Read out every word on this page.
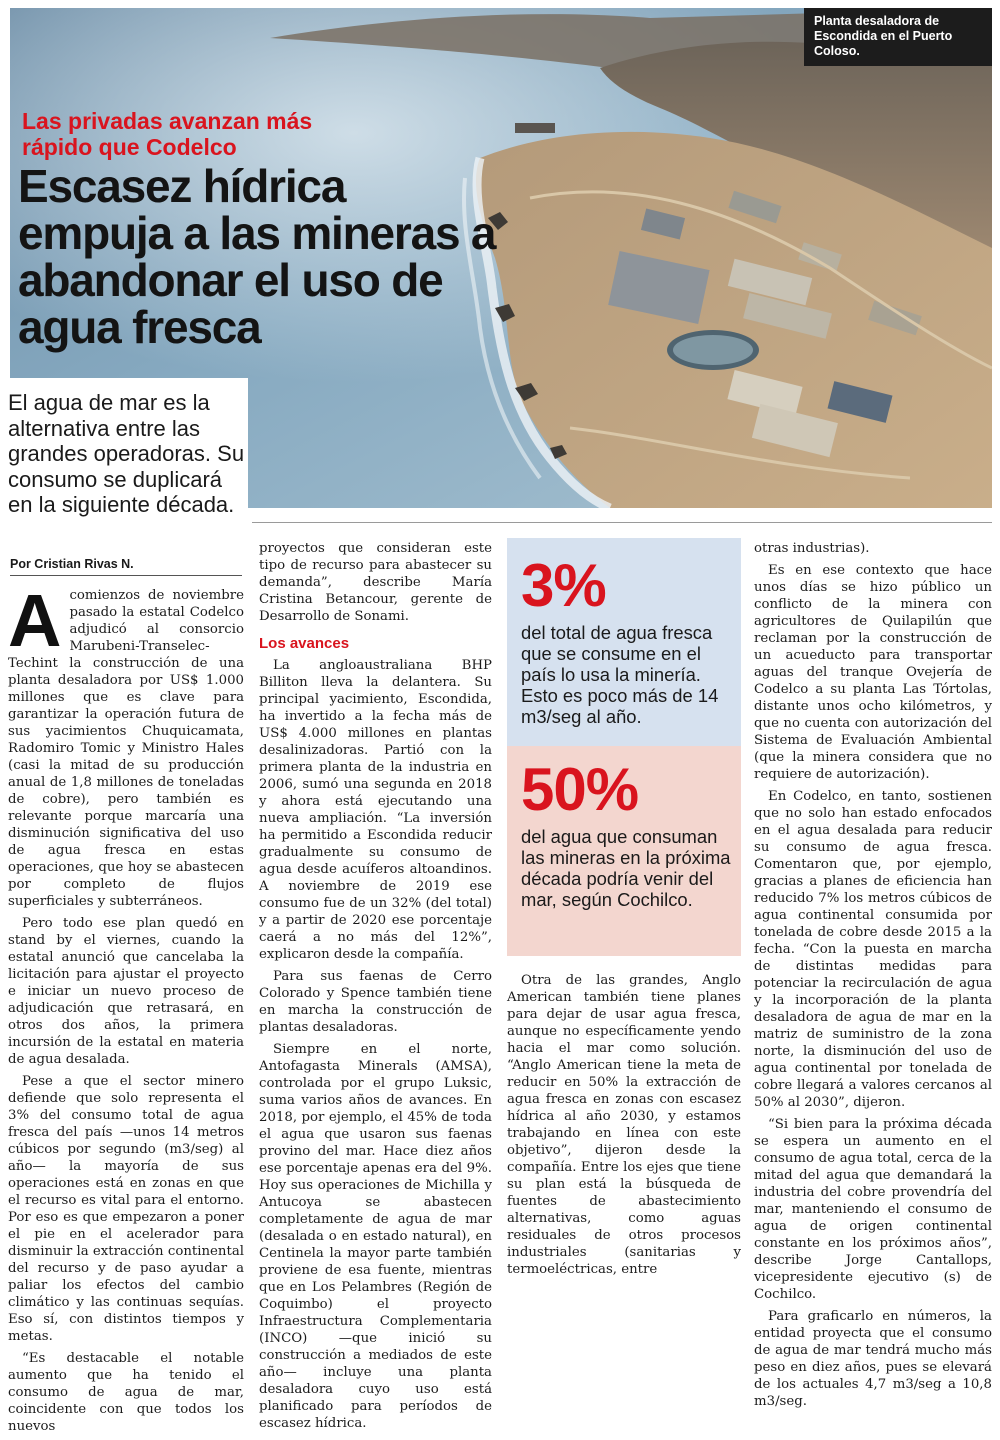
Planta desaladora de Escondida en el Puerto Coloso.
Las privadas avanzan más rápido que Codelco
Escasez hídrica empuja a las mineras a abandonar el uso de agua fresca
El agua de mar es la alternativa entre las grandes operadoras. Su consumo se duplicará en la siguiente década.
Por Cristian Rivas N.

Acomienzos de noviembre pasado la estatal Codelco adjudicó al consorcio Marubeni-Transelec-Techint la construcción de una planta desaladora por US$ 1.000 millones que es clave para garantizar la operación futura de sus yacimientos Chuquicamata, Radomiro Tomic y Ministro Hales (casi la mitad de su producción anual de 1,8 millones de toneladas de cobre), pero también es relevante porque marcaría una disminución significativa del uso de agua fresca en estas operaciones, que hoy se abastecen por completo de flujos superficiales y subterráneos.

Pero todo ese plan quedó en stand by el viernes, cuando la estatal anunció que cancelaba la licitación para ajustar el proyecto e iniciar un nuevo proceso de adjudicación que retrasará, en otros dos años, la primera incursión de la estatal en materia de agua desalada.

Pese a que el sector minero defiende que solo representa el 3% del consumo total de agua fresca del país —unos 14 metros cúbicos por segundo (m3/seg) al año— la mayoría de sus operaciones está en zonas en que el recurso es vital para el entorno. Por eso es que empezaron a poner el pie en el acelerador para disminuir la extracción continental del recurso y de paso ayudar a paliar los efectos del cambio climático y las continuas sequías. Eso sí, con distintos tiempos y metas.

“Es destacable el notable aumento que ha tenido el consumo de agua de mar, coincidente con que todos los nuevos

proyectos que consideran este tipo de recurso para abastecer su demanda”, describe María Cristina Betancour, gerente de Desarrollo de Sonami.

Los avances

La angloaustraliana BHP Billiton lleva la delantera. Su principal yacimiento, Escondida, ha invertido a la fecha más de US$ 4.000 millones en plantas desalinizadoras. Partió con la primera planta de la industria en 2006, sumó una segunda en 2018 y ahora está ejecutando una nueva ampliación. “La inversión ha permitido a Escondida reducir gradualmente su consumo de agua desde acuíferos altoandinos. A noviembre de 2019 ese consumo fue de un 32% (del total) y a partir de 2020 ese porcentaje caerá a no más del 12%”, explicaron desde la compañía.

Para sus faenas de Cerro Colorado y Spence también tiene en marcha la construcción de plantas desaladoras.

Siempre en el norte, Antofagasta Minerals (AMSA), controlada por el grupo Luksic, suma varios años de avances. En 2018, por ejemplo, el 45% de toda el agua que usaron sus faenas provino del mar. Hace diez años ese porcentaje apenas era del 9%. Hoy sus operaciones de Michilla y Antucoya se abastecen completamente de agua de mar (desalada o en estado natural), en Centinela la mayor parte también proviene de esa fuente, mientras que en Los Pelambres (Región de Coquimbo) el proyecto Infraestructura Complementaria (INCO) —que inició su construcción a mediados de este año— incluye una planta desaladora cuyo uso está planificado para períodos de escasez hídrica.

3%
del total de agua fresca que se consume en el país lo usa la minería. Esto es poco más de 14 m3/seg al año.
50%
del agua que consuman las mineras en la próxima década podría venir del mar, según Cochilco.

Otra de las grandes, Anglo American también tiene planes para dejar de usar agua fresca, aunque no específicamente yendo hacia el mar como solución. “Anglo American tiene la meta de reducir en 50% la extracción de agua fresca en zonas con escasez hídrica al año 2030, y estamos trabajando en línea con este objetivo”, dijeron desde la compañía. Entre los ejes que tiene su plan está la búsqueda de fuentes de abastecimiento alternativas, como aguas residuales de otros procesos industriales (sanitarias y termoeléctricas, entre

otras industrias).

Es en ese contexto que hace unos días se hizo público un conflicto de la minera con agricultores de Quilapilún que reclaman por la construcción de un acueducto para transportar aguas del tranque Ovejería de Codelco a su planta Las Tórtolas, distante unos ocho kilómetros, y que no cuenta con autorización del Sistema de Evaluación Ambiental (que la minera considera que no requiere de autorización).

En Codelco, en tanto, sostienen que no solo han estado enfocados en el agua desalada para reducir su consumo de agua fresca. Comentaron que, por ejemplo, gracias a planes de eficiencia han reducido 7% los metros cúbicos de agua continental consumida por tonelada de cobre desde 2015 a la fecha. “Con la puesta en marcha de distintas medidas para potenciar la recirculación de agua y la incorporación de la planta desaladora de agua de mar en la matriz de suministro de la zona norte, la disminución del uso de agua continental por tonelada de cobre llegará a valores cercanos al 50% al 2030”, dijeron.

“Si bien para la próxima década se espera un aumento en el consumo de agua total, cerca de la mitad del agua que demandará la industria del cobre provendría del mar, manteniendo el consumo de agua de origen continental constante en los próximos años”, describe Jorge Cantallops, vicepresidente ejecutivo (s) de Cochilco.

Para graficarlo en números, la entidad proyecta que el consumo de agua de mar tendrá mucho más peso en diez años, pues se elevará de los actuales 4,7 m3/seg a 10,8 m3/seg.
